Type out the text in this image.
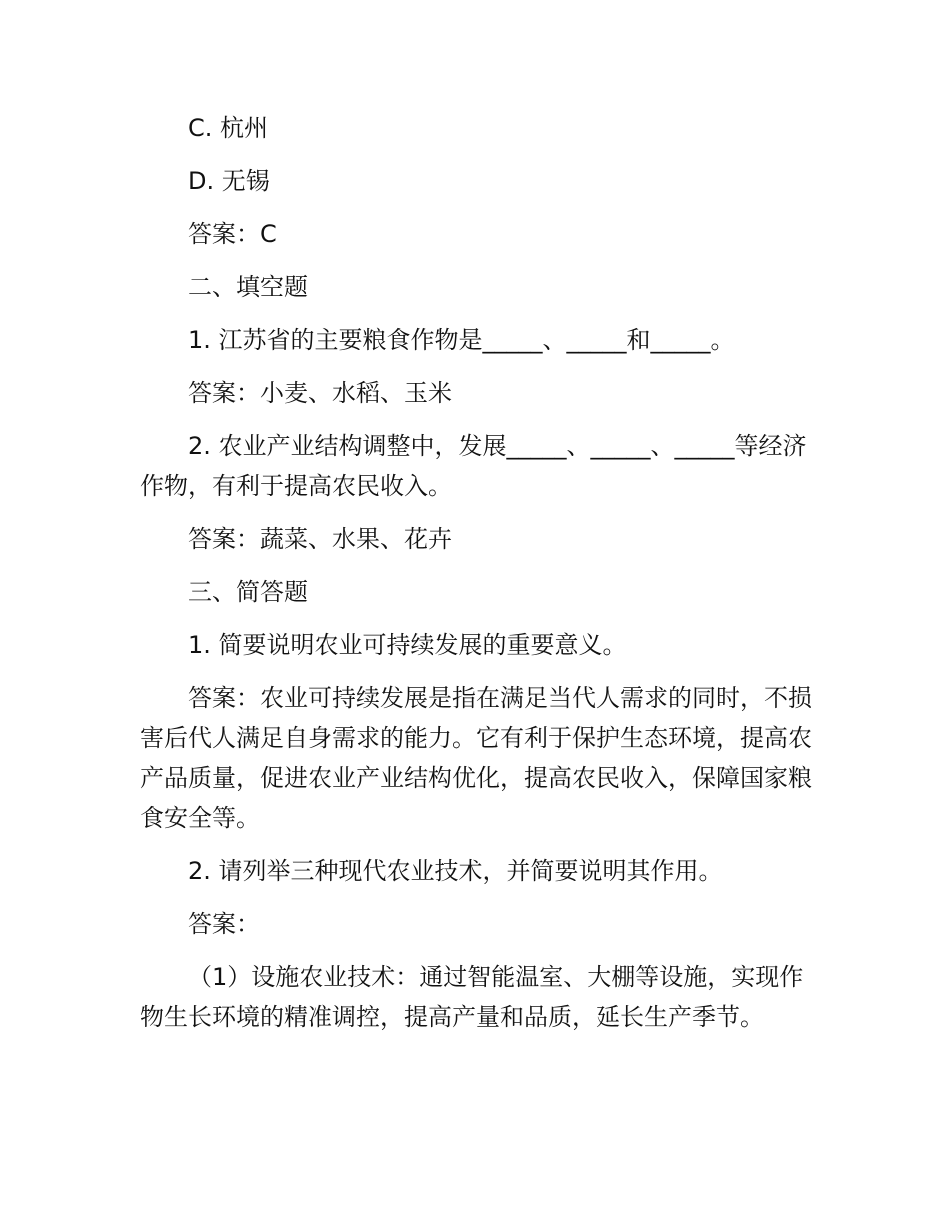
C. 杭州

D. 无锡

答案：C

二、填空题

1. 江苏省的主要粮食作物是_____、_____和_____。

答案：小麦、水稻、玉米

2. 农业产业结构调整中，发展_____、_____、_____等经济作物，有利于提高农民收入。

答案：蔬菜、水果、花卉

三、简答题

1. 简要说明农业可持续发展的重要意义。

答案：农业可持续发展是指在满足当代人需求的同时，不损害后代人满足自身需求的能力。它有利于保护生态环境，提高农产品质量，促进农业产业结构优化，提高农民收入，保障国家粮食安全等。

2. 请列举三种现代农业技术，并简要说明其作用。

答案：

（1）设施农业技术：通过智能温室、大棚等设施，实现作物生长环境的精准调控，提高产量和品质，延长生产季节。
